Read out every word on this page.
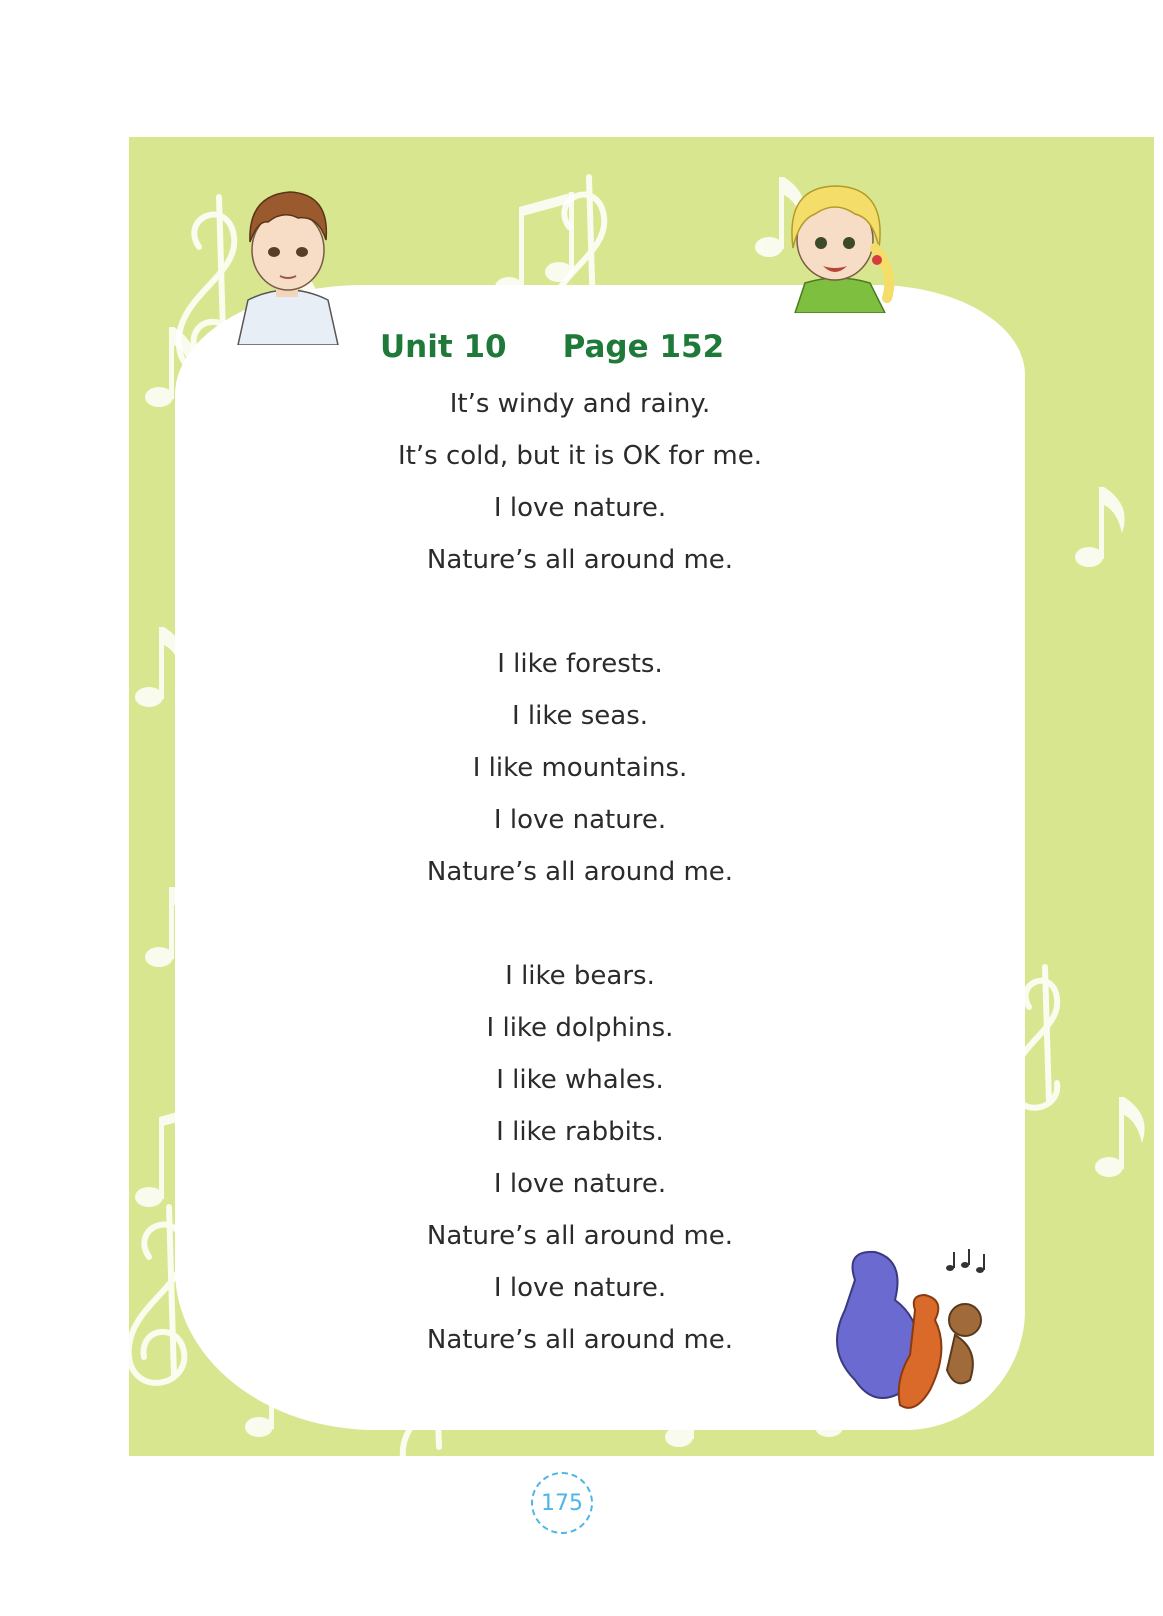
Unit 10 Page 152
It’s windy and rainy.
It’s cold, but it is OK for me.
I love nature.
Nature’s all around me.
I like forests.
I like seas.
I like mountains.
I love nature.
Nature’s all around me.
I like bears.
I like dolphins.
I like whales.
I like rabbits.
I love nature.
Nature’s all around me.
I love nature.
Nature’s all around me.
175
